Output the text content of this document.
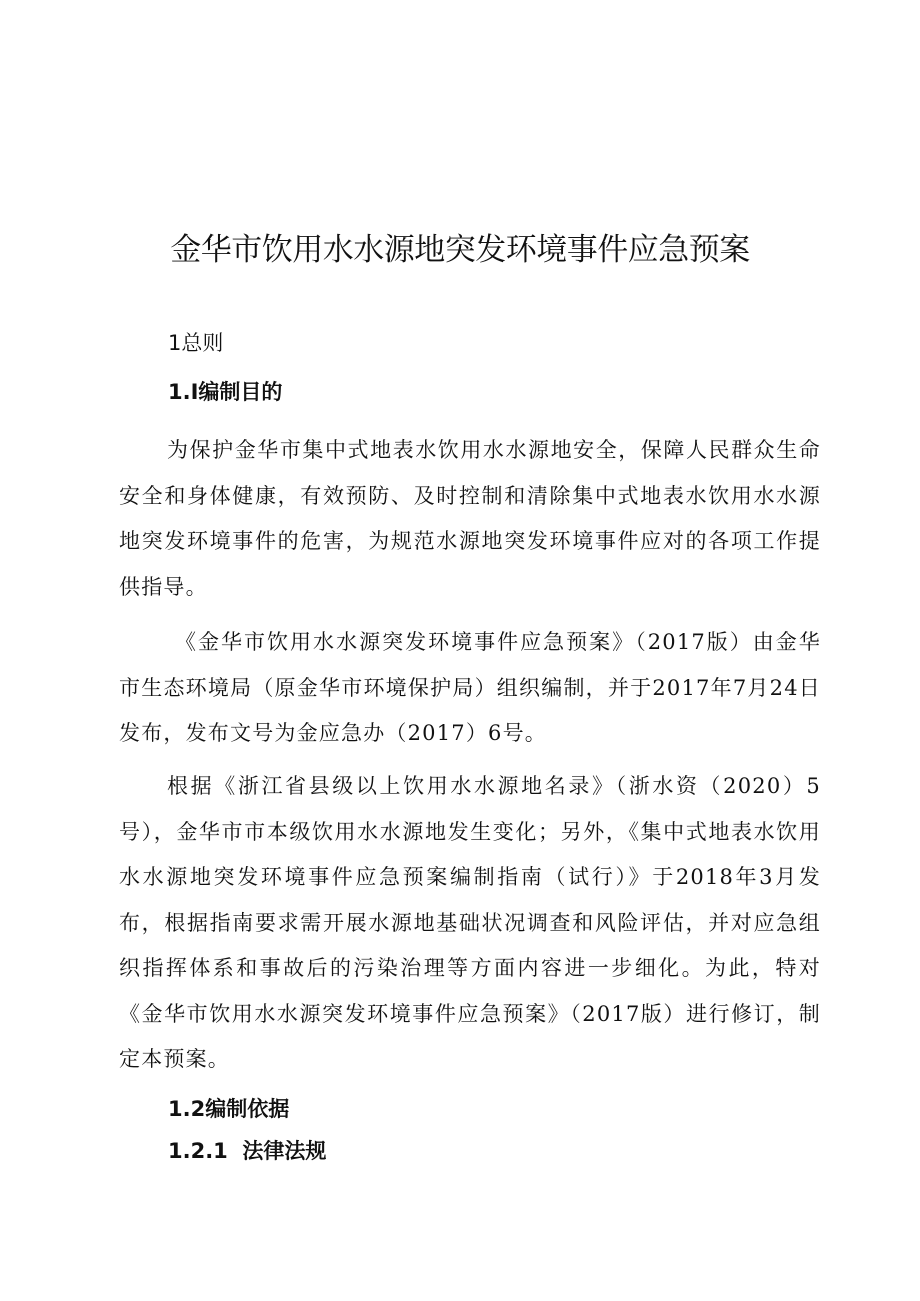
金华市饮用水水源地突发环境事件应急预案
1总则
1.I编制目的

为保护金华市集中式地表水饮用水水源地安全，保障人民群众生命安全和身体健康，有效预防、及时控制和清除集中式地表水饮用水水源地突发环境事件的危害，为规范水源地突发环境事件应对的各项工作提供指导。

《金华市饮用水水源突发环境事件应急预案》（2017版）由金华市生态环境局（原金华市环境保护局）组织编制，并于2017年7月24日发布，发布文号为金应急办（2017）6号。

根据《浙江省县级以上饮用水水源地名录》（浙水资（2020）5号），金华市市本级饮用水水源地发生变化；另外，《集中式地表水饮用水水源地突发环境事件应急预案编制指南（试行）》于2018年3月发布，根据指南要求需开展水源地基础状况调查和风险评估，并对应急组织指挥体系和事故后的污染治理等方面内容进一步细化。为此，特对《金华市饮用水水源突发环境事件应急预案》（2017版）进行修订，制定本预案。

1.2编制依据
1.2.1  法律法规
